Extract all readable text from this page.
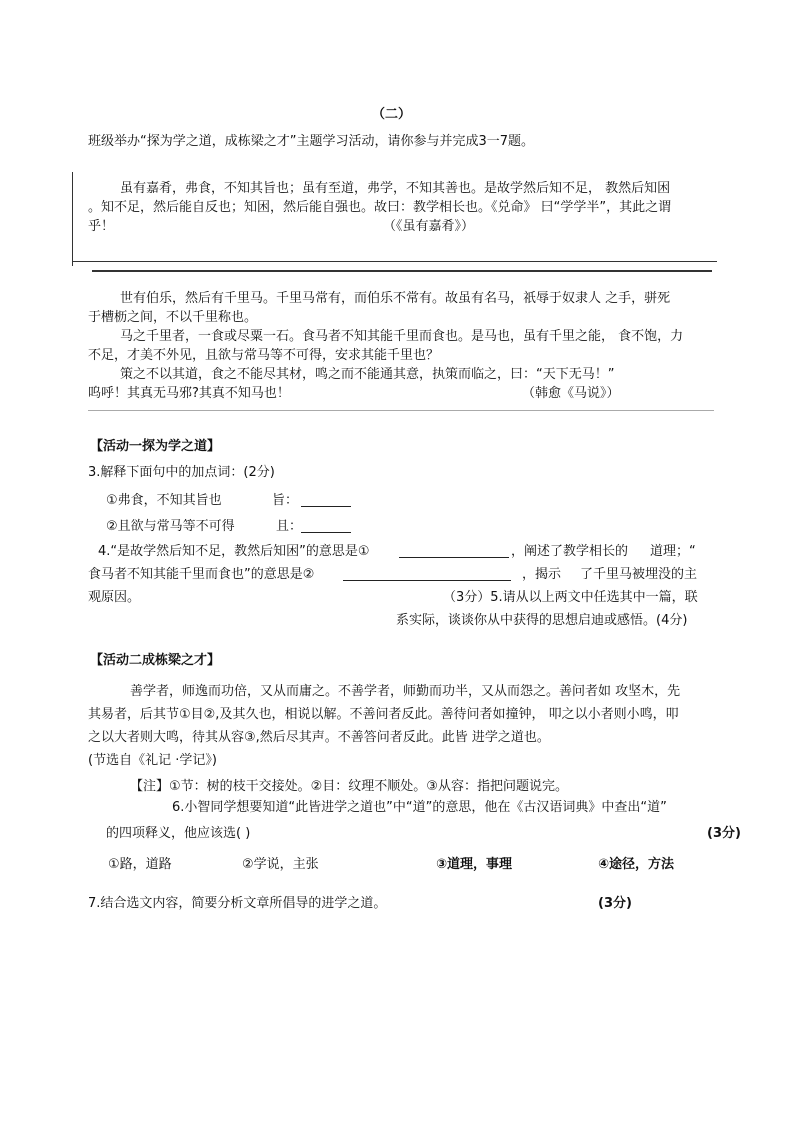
（二）
班级举办“探为学之道，成栋梁之才”主题学习活动，请你参与并完成3一7题。
虽有嘉肴，弗食，不知其旨也；虽有至道，弗学，不知其善也。是故学然后知不足， 教然后知困
。知不足，然后能自反也；知困，然后能自强也。故曰：教学相长也。《兑命》 曰“学学半”，其此之谓
乎！	（《虽有嘉肴》）
世有伯乐，然后有千里马。千里马常有，而伯乐不常有。故虽有名马，祇辱于奴隶人 之手，骈死
于槽枥之间，不以千里称也。
马之千里者，一食或尽粟一石。食马者不知其能千里而食也。是马也，虽有千里之能， 食不饱，力
不足，才美不外见，且欲与常马等不可得，安求其能千里也？
策之不以其道，食之不能尽其材，鸣之而不能通其意，执策而临之，曰：“天下无马！”
呜呼！其真无马邪?其真不知马也！	（韩愈《马说》）
【活动一探为学之道】
3.解释下面句中的加点词：(2分)
①弗食，不知其旨也	旨：
②且欲与常马等不可得	且：
4.“是故学然后知不足，教然后知困”的意思是①	，阐述了教学相长的 道理；“
食马者不知其能千里而食也”的意思是②	，揭示 了千里马被埋没的主
观原因。	（3分）5.请从以上两文中任选其中一篇，联
系实际，谈谈你从中获得的思想启迪或感悟。(4分)
【活动二成栋梁之才】
善学者，师逸而功倍，又从而庸之。不善学者，师勤而功半，又从而怨之。善问者如 攻坚木，先
其易者，后其节①目②,及其久也，相说以解。不善问者反此。善待问者如撞钟， 叩之以小者则小鸣，叩
之以大者则大鸣，待其从容③,然后尽其声。不善答问者反此。此皆 进学之道也。
(节选自《礼记 ·学记》)
【注】①节：树的枝干交接处。②目：纹理不顺处。③从容：指把问题说完。
6.小智同学想要知道“此皆进学之道也”中“道”的意思，他在《古汉语词典》中查出“道”
的四项释义，他应该选( )	(3分)
①路，道路	②学说，主张	③道理，事理	④途径，方法
7.结合选文内容，简要分析文章所倡导的进学之道。	(3分)
